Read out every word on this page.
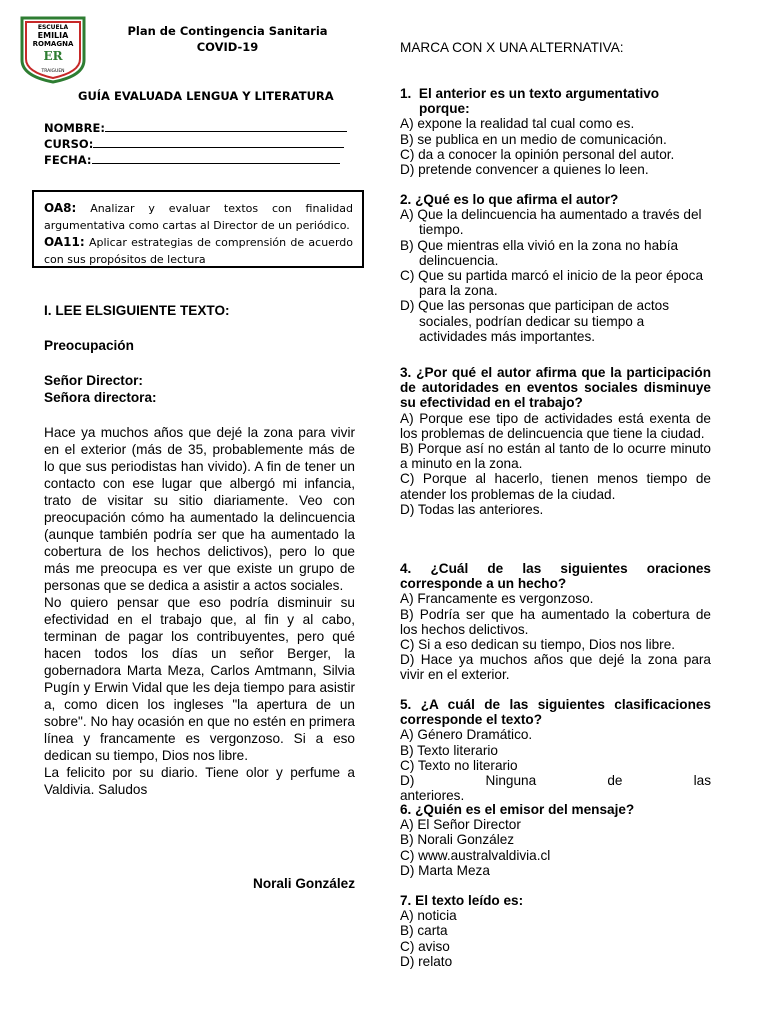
ESCUELA
EMILIA
ROMAGNA
ER
TRAIGUEN
Plan de Contingencia Sanitaria
COVID-19
GUÍA EVALUADA LENGUA Y LITERATURA
NOMBRE:
CURSO:
FECHA:
OA8: Analizar y evaluar textos con finalidad argumentativa como cartas al Director de un periódico.
OA11: Aplicar estrategias de comprensión de acuerdo con sus propósitos de lectura
I. LEE ELSIGUIENTE TEXTO:
Preocupación
Señor Director:
Señora directora:
Hace ya muchos años que dejé la zona para vivir en el exterior (más de 35, probablemente más de lo que sus periodistas han vivido). A fin de tener un contacto con ese lugar que albergó mi infancia, trato de visitar su sitio diariamente. Veo con preocupación cómo ha aumentado la delincuencia (aunque también podría ser que ha aumentado la cobertura de los hechos delictivos), pero lo que más me preocupa es ver que existe un grupo de personas que se dedica a asistir a actos sociales.
No quiero pensar que eso podría disminuir su efectividad en el trabajo que, al fin y al cabo, terminan de pagar los contribuyentes, pero qué hacen todos los días un señor Berger, la gobernadora Marta Meza, Carlos Amtmann, Silvia Pugín y Erwin Vidal que les deja tiempo para asistir a, como dicen los ingleses "la apertura de un sobre". No hay ocasión en que no estén en primera línea y francamente es vergonzoso. Si a eso dedican su tiempo, Dios nos libre.
La felicito por su diario. Tiene olor y perfume a Valdivia. Saludos
Norali González
MARCA CON X UNA ALTERNATIVA:
1. El anterior es un texto argumentativo porque:
A) expone la realidad tal cual como es.
B) se publica en un medio de comunicación.
C) da a conocer la opinión personal del autor.
D) pretende convencer a quienes lo leen.
2. ¿Qué es lo que afirma el autor?
A) Que la delincuencia ha aumentado a través del tiempo.
B) Que mientras ella vivió en la zona no había delincuencia.
C) Que su partida marcó el inicio de la peor época para la zona.
D) Que las personas que participan de actos sociales, podrían dedicar su tiempo a actividades más importantes.
3. ¿Por qué el autor afirma que la participación de autoridades en eventos sociales disminuye su efectividad en el trabajo?
A) Porque ese tipo de actividades está exenta de los problemas de delincuencia que tiene la ciudad.
B) Porque así no están al tanto de lo ocurre minuto a minuto en la zona.
C) Porque al hacerlo, tienen menos tiempo de atender los problemas de la ciudad.
D) Todas las anteriores.
4. ¿Cuál de las siguientes oraciones corresponde a un hecho?
A) Francamente es vergonzoso.
B) Podría ser que ha aumentado la cobertura de los hechos delictivos.
C) Si a eso dedican su tiempo, Dios nos libre.
D) Hace ya muchos años que dejé la zona para vivir en el exterior.
5. ¿A cuál de las siguientes clasificaciones corresponde el texto?
A) Género Dramático.
B) Texto literario
C) Texto no literario
D) Ninguna de las anteriores.
6. ¿Quién es el emisor del mensaje?
A) El Señor Director
B) Norali González
C) www.australvaldivia.cl
D) Marta Meza
7. El texto leído es:
A) noticia
B) carta
C) aviso
D) relato
